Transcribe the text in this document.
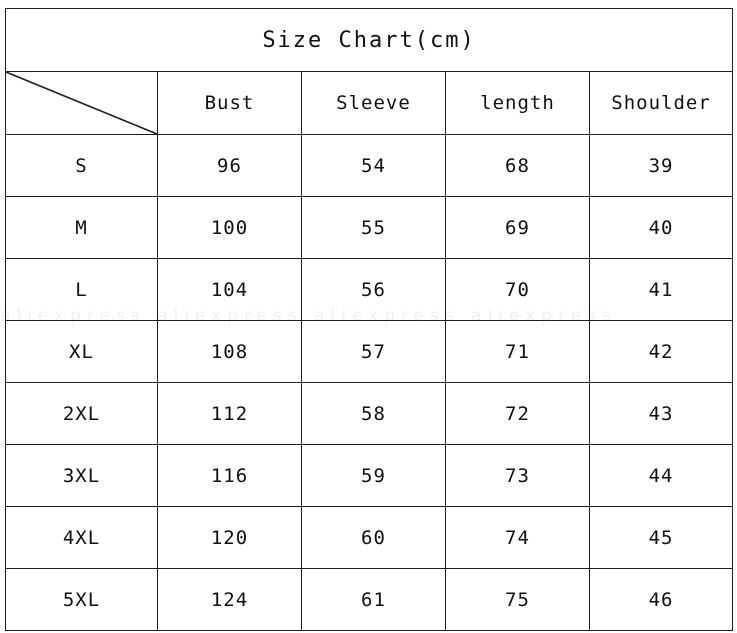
Size Chart(cm)				

	Bust	Sleeve	length	Shoulder
S	96	54	68	39
M	100	55	69	40
L	104	56	70	41
XL	108	57	71	42
2XL	112	58	72	43
3XL	116	59	73	44
4XL	120	60	74	45
5XL	124	61	75	46
aliexpress aliexpress aliexpress aliexpress
